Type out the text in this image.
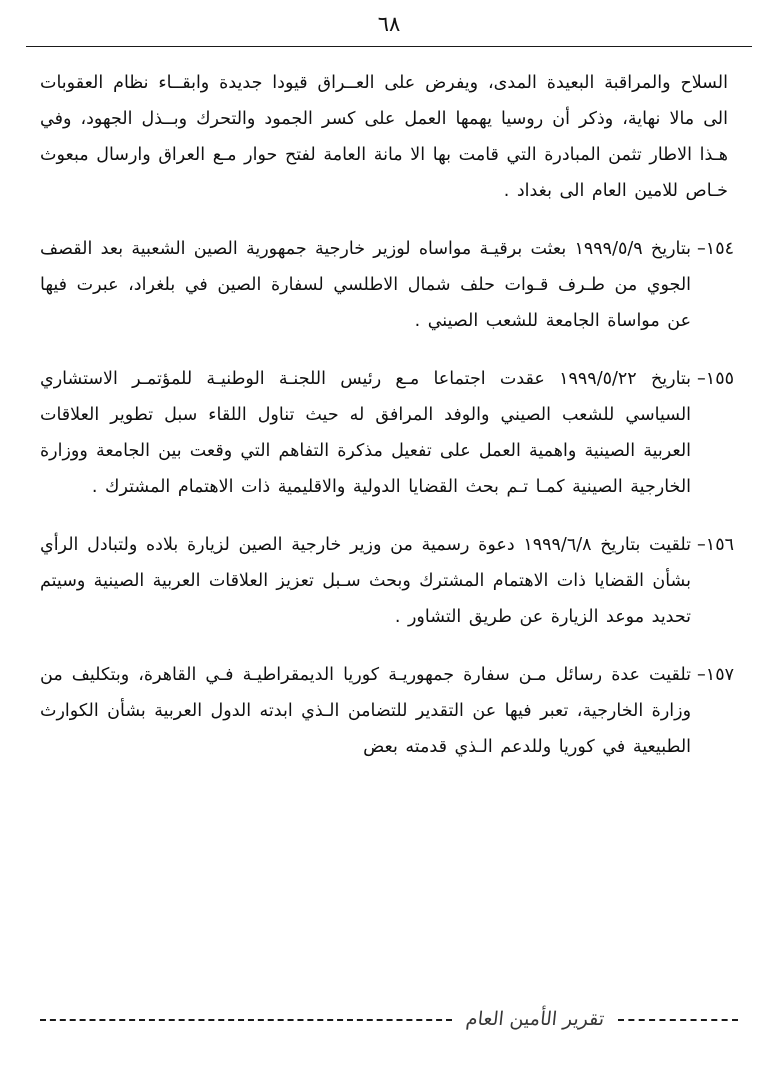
٦٨
السلاح والمراقبة البعيدة المدى، ويفرض على العــراق قيودا جديدة وابقــاء نظام العقوبات الى مالا نهاية، وذكر أن روسيا يهمها العمل على كسر الجمود والتحرك وبــذل الجهود، وفي هـذا الاطار تثمن المبادرة التي قامت بها الا مانة العامة لفتح حوار مـع العراق وارسال مبعوث خـاص للامين العام الى بغداد .
١٥٤–
بتاريخ ١٩٩٩/٥/٩ بعثت برقيـة مواساه لوزير خارجية جمهورية الصين الشعبية بعد القصف الجوي من طـرف قـوات حلف شمال الاطلسي لسفارة الصين في بلغراد، عبرت فيها عن مواساة الجامعة للشعب الصيني .
١٥٥–
بتاريخ ١٩٩٩/٥/٢٢ عقدت اجتماعا مـع رئيس اللجنـة الوطنيـة للمؤتمـر الاستشاري السياسي للشعب الصيني والوفد المرافق له حيث تناول اللقاء سبل تطوير العلاقات العربية الصينية واهمية العمل على تفعيل مذكرة التفاهم التي وقعت بين الجامعة ووزارة الخارجية الصينية كمـا تـم بحث القضايا الدولية والاقليمية ذات الاهتمام المشترك .
١٥٦–
تلقيت بتاريخ ١٩٩٩/٦/٨ دعوة رسمية من وزير خارجية الصين لزيارة بلاده ولتبادل الرأي بشأن القضايا ذات الاهتمام المشترك وبحث سـبل تعزيز العلاقات العربية الصينية وسيتم تحديد موعد الزيارة عن طريق التشاور .
١٥٧–
تلقيت عدة رسائل مـن سفارة جمهوريـة كوريا الديمقراطيـة فـي القاهرة، وبتكليف من وزارة الخارجية، تعبر فيها عن التقدير للتضامن الـذي ابدته الدول العربية بشأن الكوارث الطبيعية في كوريا وللدعم الـذي قدمته بعض
تقرير الأمين العام
